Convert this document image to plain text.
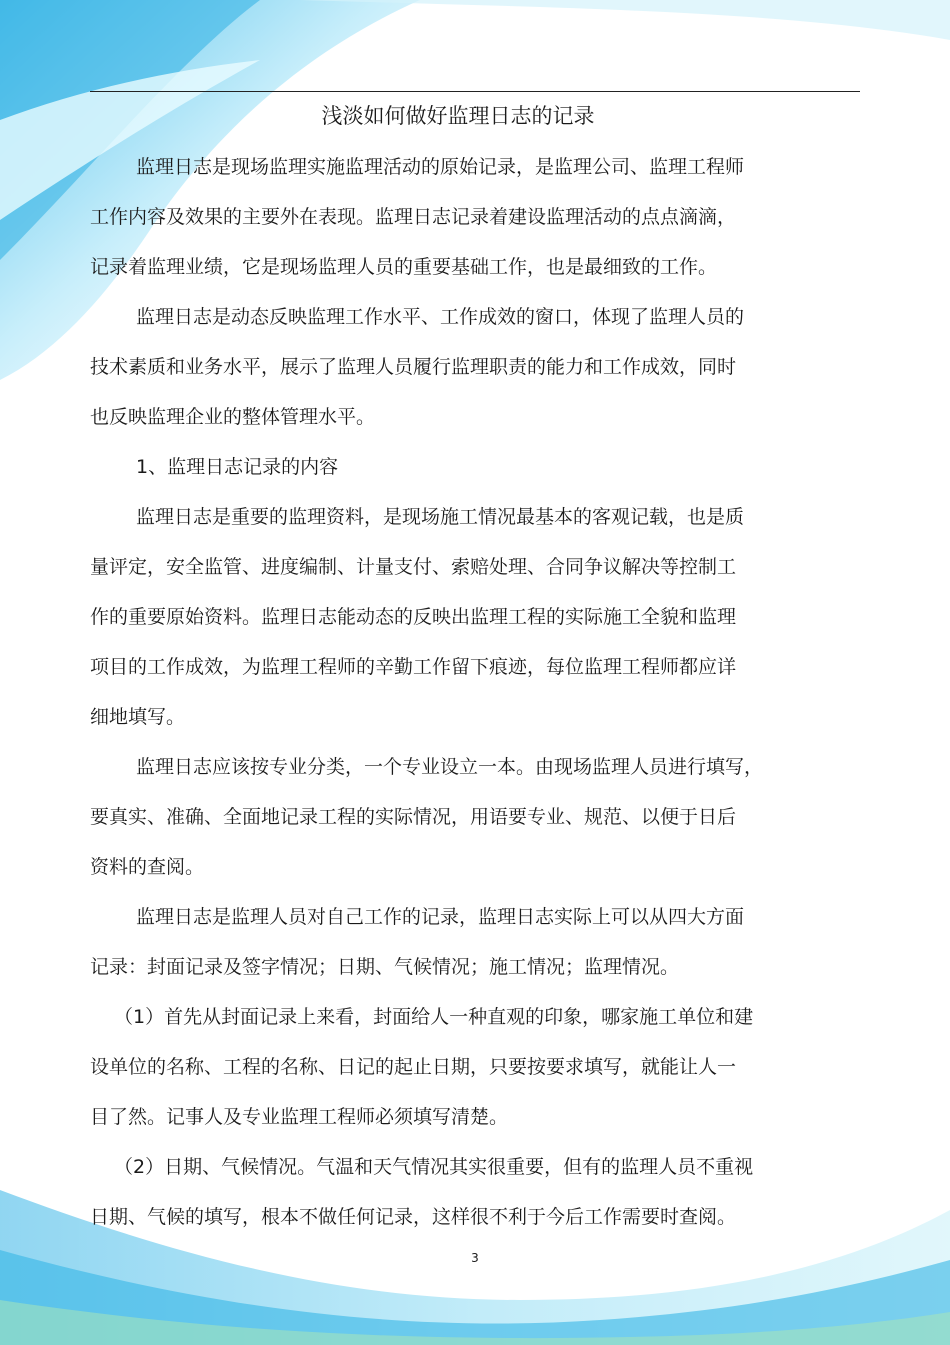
浅淡如何做好监理日志的记录
监理日志是现场监理实施监理活动的原始记录，是监理公司、监理工程师
工作内容及效果的主要外在表现。监理日志记录着建设监理活动的点点滴滴，
记录着监理业绩，它是现场监理人员的重要基础工作，也是最细致的工作。
监理日志是动态反映监理工作水平、工作成效的窗口，体现了监理人员的
技术素质和业务水平，展示了监理人员履行监理职责的能力和工作成效，同时
也反映监理企业的整体管理水平。
1、监理日志记录的内容
监理日志是重要的监理资料，是现场施工情况最基本的客观记载，也是质
量评定，安全监管、进度编制、计量支付、索赔处理、合同争议解决等控制工
作的重要原始资料。监理日志能动态的反映出监理工程的实际施工全貌和监理
项目的工作成效，为监理工程师的辛勤工作留下痕迹，每位监理工程师都应详
细地填写。
监理日志应该按专业分类，一个专业设立一本。由现场监理人员进行填写，
要真实、准确、全面地记录工程的实际情况，用语要专业、规范、以便于日后
资料的查阅。
监理日志是监理人员对自己工作的记录，监理日志实际上可以从四大方面
记录：封面记录及签字情况；日期、气候情况；施工情况；监理情况。
（1）首先从封面记录上来看，封面给人一种直观的印象，哪家施工单位和建
设单位的名称、工程的名称、日记的起止日期，只要按要求填写，就能让人一
目了然。记事人及专业监理工程师必须填写清楚。
（2）日期、气候情况。气温和天气情况其实很重要，但有的监理人员不重视
日期、气候的填写，根本不做任何记录，这样很不利于今后工作需要时查阅。
3
